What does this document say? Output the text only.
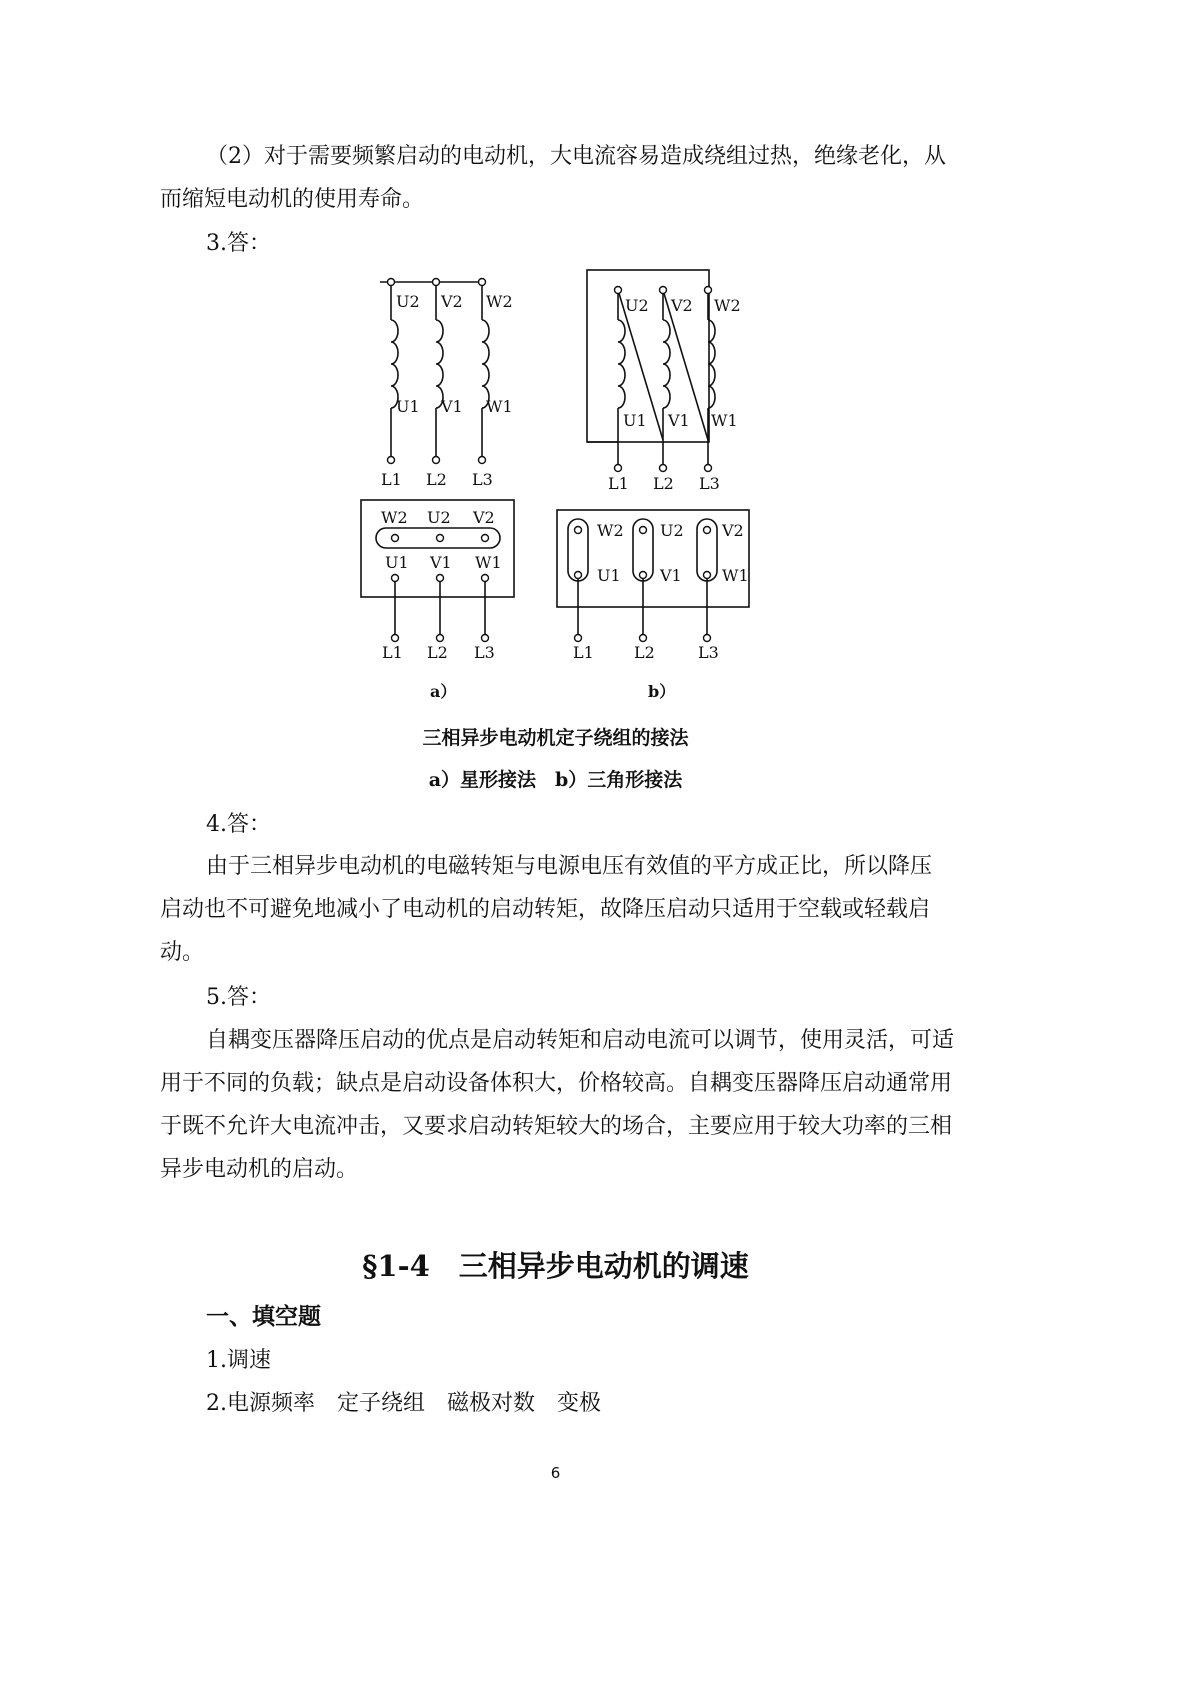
（2）对于需要频繁启动的电动机，大电流容易造成绕组过热，绝缘老化，从
而缩短电动机的使用寿命。
3.答：
U2 V2 W2
U1 V1 W1
L1 L2 L3
W2 U2 V2
U1 V1 W1
L1 L2 L3
a）
U2 V2 W2
U1 V1 W1
L1 L2 L3
W2 U2 V2
U1 V1	W1
L1	L2	L3
b）
三相异步电动机定子绕组的接法
a）星形接法　b）三角形接法
4.答：
由于三相异步电动机的电磁转矩与电源电压有效值的平方成正比，所以降压
启动也不可避免地减小了电动机的启动转矩，故降压启动只适用于空载或轻载启
动。
5.答：
自耦变压器降压启动的优点是启动转矩和启动电流可以调节，使用灵活，可适
用于不同的负载；缺点是启动设备体积大，价格较高。自耦变压器降压启动通常用
于既不允许大电流冲击，又要求启动转矩较大的场合，主要应用于较大功率的三相
异步电动机的启动。
§1-4　三相异步电动机的调速
一、填空题
1.调速
2.电源频率　定子绕组　磁极对数　变极
6
